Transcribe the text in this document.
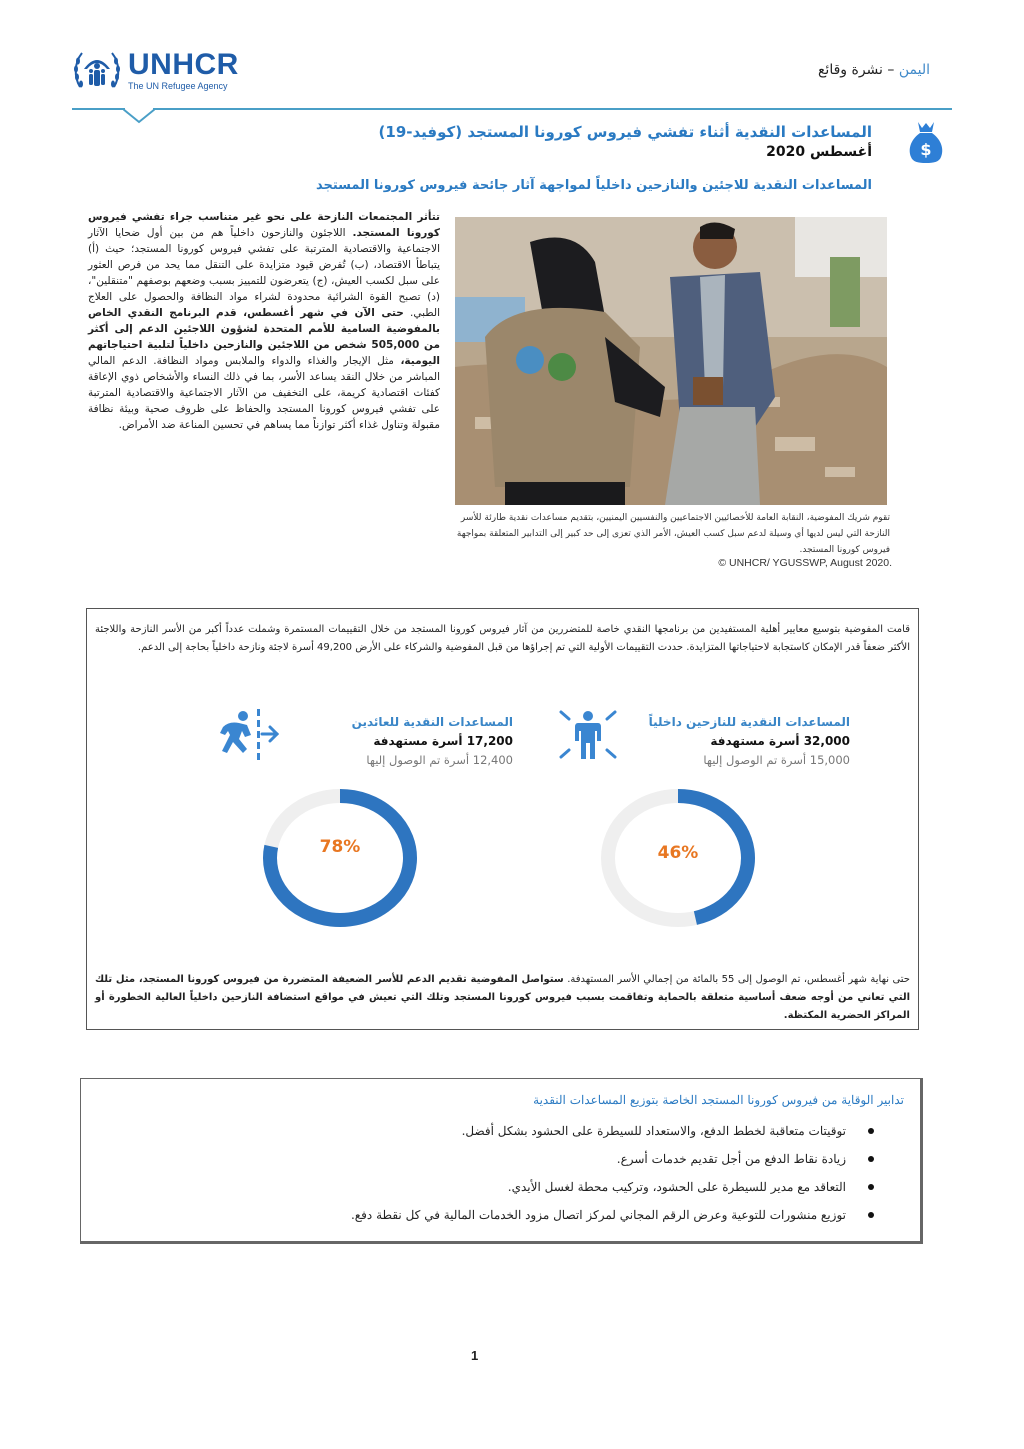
UNHCR
The UN Refugee Agency
اليمن – نشرة وقائع
$
المساعدات النقدية أثناء تفشي فيروس كورونا المستجد (كوفيد-19)
أغسطس 2020
المساعدات النقدية للاجئين والنازحين داخلياً لمواجهة آثار جائحة فيروس كورونا المستجد

تتأثر المجتمعات النازحة على نحو غير متناسب جراء تفشي فيروس كورونا المستجد. اللاجئون والنازحون داخلياً هم من بين أول ضحايا الآثار الاجتماعية والاقتصادية المترتبة على تفشي فيروس كورونا المستجد؛ حيث (أ) يتباطأ الاقتصاد، (ب) تُفرض قيود متزايدة على التنقل مما يحد من فرص العثور على سبل لكسب العيش، (ج) يتعرضون للتمييز بسبب وضعهم بوصفهم "متنقلين"، (د) تصبح القوة الشرائية محدودة لشراء مواد النظافة والحصول على العلاج الطبي. حتى الآن في شهر أغسطس، قدم البرنامج النقدي الخاص بالمفوضية السامية للأمم المتحدة لشؤون اللاجئين الدعم إلى أكثر من 505,000 شخص من اللاجئين والنازحين داخلياً لتلبية احتياجاتهم اليومية، مثل الإيجار والغذاء والدواء والملابس ومواد النظافة. الدعم المالي المباشر من خلال النقد يساعد الأسر، بما في ذلك النساء والأشخاص ذوي الإعاقة كفئات اقتصادية كريمة، على التخفيف من الآثار الاجتماعية والاقتصادية المترتبة على تفشي فيروس كورونا المستجد والحفاظ على ظروف صحية وبيئة نظافة مقبولة وتناول غذاء أكثر توازناً مما يساهم في تحسين المناعة ضد الأمراض.

تقوم شريك المفوضية، النقابة العامة للأخصائيين الاجتماعيين والنفسيين اليمنيين، بتقديم مساعدات نقدية طارئة للأسر النازحة التي ليس لديها أي وسيلة لدعم سبل كسب العيش، الأمر الذي تعزى إلى حد كبير إلى التدابير المتعلقة بمواجهة فيروس كورونا المستجد.
© UNHCR/ YGUSSWP, August 2020.

قامت المفوضية بتوسيع معايير أهلية المستفيدين من برنامجها النقدي خاصة للمتضررين من آثار فيروس كورونا المستجد من خلال التقييمات المستمرة وشملت عدداً أكبر من الأسر النازحة واللاجئة الأكثر ضعفاً قدر الإمكان كاستجابة لاحتياجاتها المتزايدة. حددت التقييمات الأولية التي تم إجراؤها من قبل المفوضية والشركاء على الأرض 49,200 أسرة لاجئة ونازحة داخلياً بحاجة إلى الدعم.

المساعدات النقدية للعائدين
17,200 أسرة مستهدفة
12,400 أسرة تم الوصول إليها
78%
المساعدات النقدية للنازحين داخلياً
32,000 أسرة مستهدفة
15,000 أسرة تم الوصول إليها
46%

حتى نهاية شهر أغسطس، تم الوصول إلى 55 بالمائة من إجمالي الأسر المستهدفة. ستواصل المفوضية تقديم الدعم للأسر الضعيفة المتضررة من فيروس كورونا المستجد، مثل تلك التي تعاني من أوجه ضعف أساسية متعلقة بالحماية وتفاقمت بسبب فيروس كورونا المستجد وتلك التي تعيش في مواقع استضافة النازحين داخلياً العالية الخطورة أو المراكز الحضرية المكتظة.

تدابير الوقاية من فيروس كورونا المستجد الخاصة بتوزيع المساعدات النقدية
توقيتات متعاقبة لخطط الدفع، والاستعداد للسيطرة على الحشود بشكل أفضل.
زيادة نقاط الدفع من أجل تقديم خدمات أسرع.
التعاقد مع مدير للسيطرة على الحشود، وتركيب محطة لغسل الأيدي.
توزيع منشورات للتوعية وعرض الرقم المجاني لمركز اتصال مزود الخدمات المالية في كل نقطة دفع.
1
